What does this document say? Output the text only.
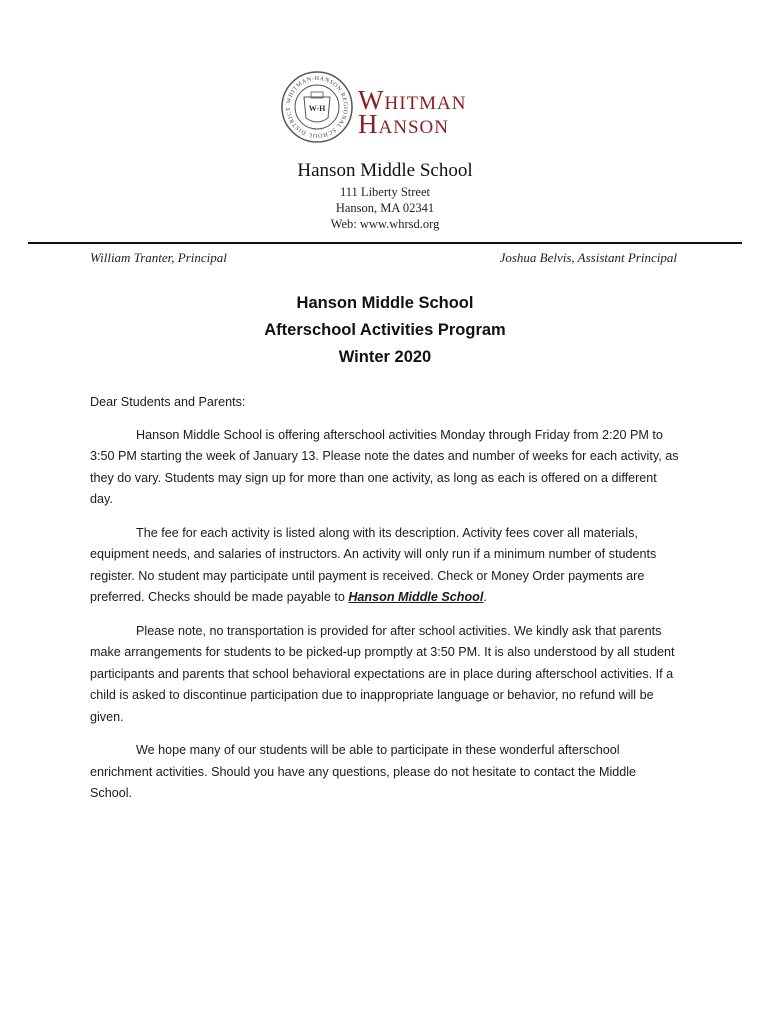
WHITMAN-HANSON REGIONAL SCHOOL DISTRICT	W-H Whitman
Hanson
Hanson Middle School
111 Liberty Street
Hanson, MA 02341
Web: www.whrsd.org
William Tranter, Principal	Joshua Belvis, Assistant Principal
Hanson Middle School
Afterschool Activities Program
Winter 2020

Dear Students and Parents:

Hanson Middle School is offering afterschool activities Monday through Friday from 2:20 PM to 3:50 PM starting the week of January 13. Please note the dates and number of weeks for each activity, as they do vary. Students may sign up for more than one activity, as long as each is offered on a different day.

The fee for each activity is listed along with its description. Activity fees cover all materials, equipment needs, and salaries of instructors. An activity will only run if a minimum number of students register. No student may participate until payment is received. Check or Money Order payments are preferred. Checks should be made payable to Hanson Middle School.

Please note, no transportation is provided for after school activities. We kindly ask that parents make arrangements for students to be picked-up promptly at 3:50 PM. It is also understood by all student participants and parents that school behavioral expectations are in place during afterschool activities. If a child is asked to discontinue participation due to inappropriate language or behavior, no refund will be given.

We hope many of our students will be able to participate in these wonderful afterschool enrichment activities. Should you have any questions, please do not hesitate to contact the Middle School.
